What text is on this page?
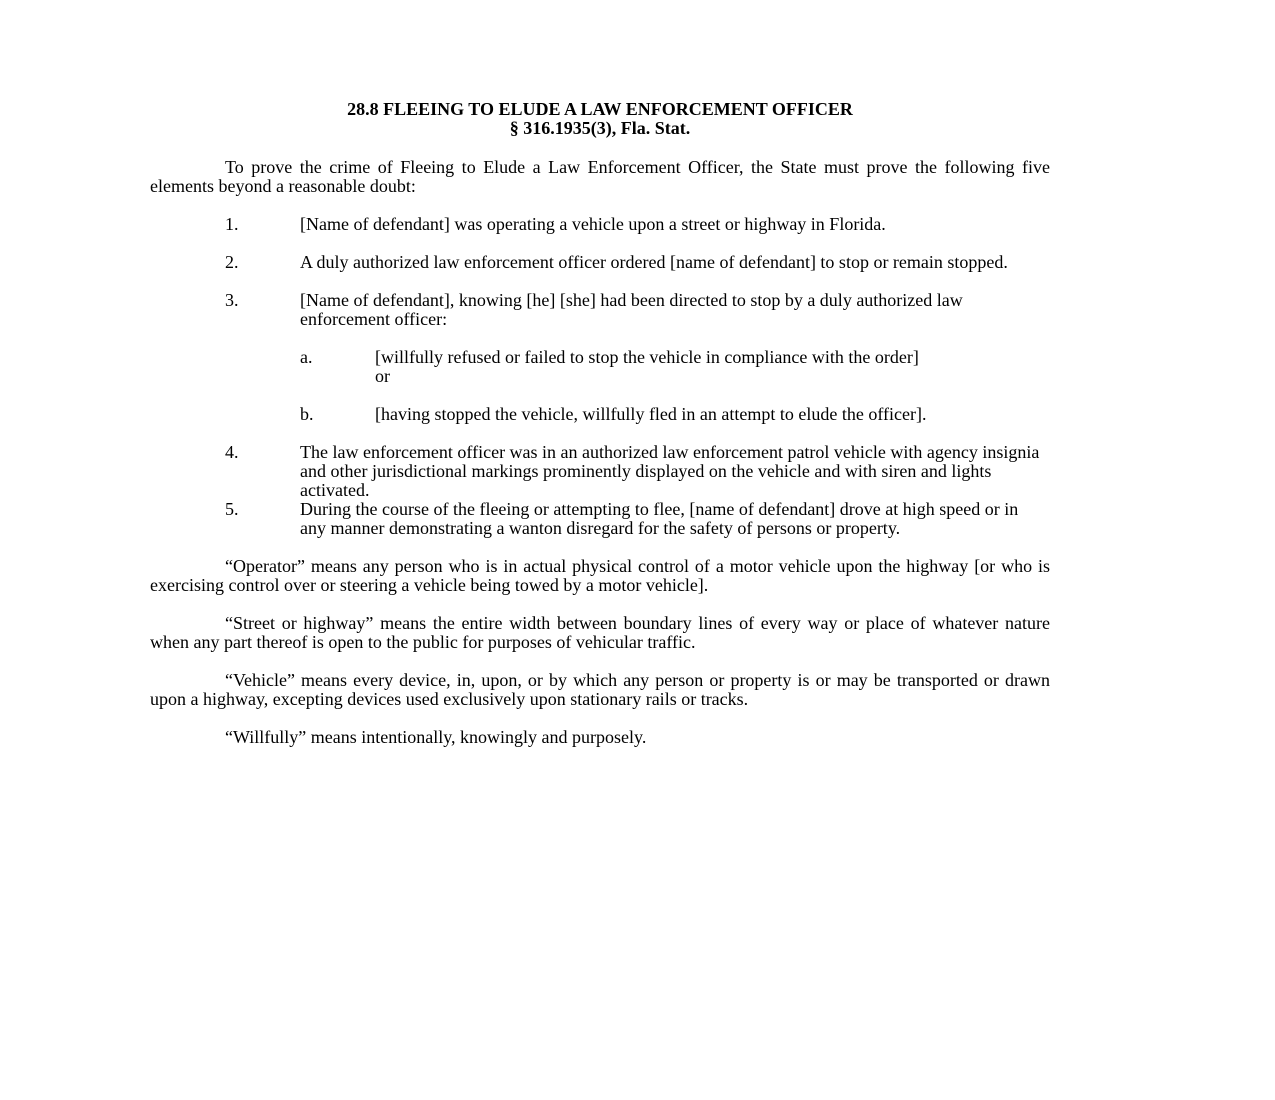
28.8 FLEEING TO ELUDE A LAW ENFORCEMENT OFFICER
§ 316.1935(3), Fla. Stat.

To prove the crime of Fleeing to Elude a Law Enforcement Officer, the State must prove the following five elements beyond a reasonable doubt:

1.	[Name of defendant] was operating a vehicle upon a street or highway in Florida.
2.	A duly authorized law enforcement officer ordered [name of defendant] to stop or remain stopped.
3.	[Name of defendant], knowing [he] [she] had been directed to stop by a duly authorized law enforcement officer:
a.	[willfully refused or failed to stop the vehicle in compliance with the order]
or
b.	[having stopped the vehicle, willfully fled in an attempt to elude the officer].
4.	The law enforcement officer was in an authorized law enforcement patrol vehicle with agency insignia and other jurisdictional markings prominently displayed on the vehicle and with siren and lights activated.
5.	During the course of the fleeing or attempting to flee, [name of defendant] drove at high speed or in any manner demonstrating a wanton disregard for the safety of persons or property.

“Operator” means any person who is in actual physical control of a motor vehicle upon the highway [or who is exercising control over or steering a vehicle being towed by a motor vehicle].

“Street or highway” means the entire width between boundary lines of every way or place of whatever nature when any part thereof is open to the public for purposes of vehicular traffic.

“Vehicle” means every device, in, upon, or by which any person or property is or may be transported or drawn upon a highway, excepting devices used exclusively upon stationary rails or tracks.

“Willfully” means intentionally, knowingly and purposely.
